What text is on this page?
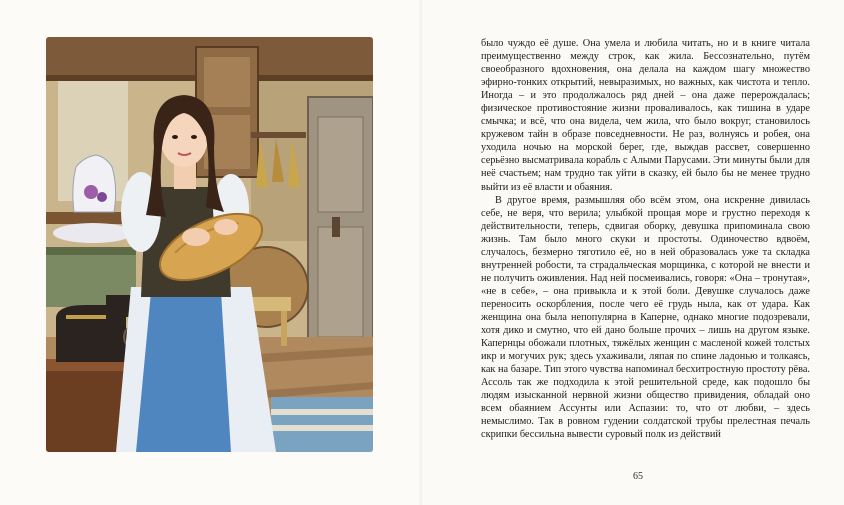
было чуждо её душе. Она умела и любила читать, но и в книге читала преимущественно между строк, как жила. Бессознательно, путём своеобразного вдохновения, она делала на каждом шагу множество эфирно-тонких открытий, невыразимых, но важных, как чистота и тепло. Иногда – и это продолжалось ряд дней – она даже перерождалась; физическое противостояние жизни проваливалось, как тишина в ударе смычка; и всё, что она видела, чем жила, что было вокруг, становилось кружевом тайн в образе повседневности. Не раз, волнуясь и робея, она уходила ночью на морской берег, где, выждав рассвет, совершенно серьёзно высматривала корабль с Алыми Парусами. Эти минуты были для неё счастьем; нам трудно так уйти в сказку, ей было бы не менее трудно выйти из её власти и обаяния.

В другое время, размышляя обо всём этом, она искренне дивилась себе, не веря, что верила; улыбкой прощая море и грустно переходя к действительности, теперь, сдвигая оборку, девушка припоминала свою жизнь. Там было много скуки и простоты. Одиночество вдвоём, случалось, безмерно тяготило её, но в ней образовалась уже та складка внутренней робости, та страдальческая морщинка, с которой не внести и не получить оживления. Над ней посмеивались, говоря: «Она – тронутая», «не в себе», – она привыкла и к этой боли. Девушке случалось даже переносить оскорбления, после чего её грудь ныла, как от удара. Как женщина она была непопулярна в Каперне, однако многие подозревали, хотя дико и смутно, что ей дано больше прочих – лишь на другом языке. Капернцы обожали плотных, тяжёлых женщин с масленой кожей толстых икр и могучих рук; здесь ухаживали, ляпая по спине ладонью и толкаясь, как на базаре. Тип этого чувства напоминал бесхитростную простоту рёва. Ассоль так же подходила к этой решительной среде, как подошло бы людям изысканной нервной жизни общество привидения, обладай оно всем обаянием Ассунты или Аспазии: то, что от любви, – здесь немыслимо. Так в ровном гудении солдатской трубы прелестная печаль скрипки бессильна вывести суровый полк из действий

65
